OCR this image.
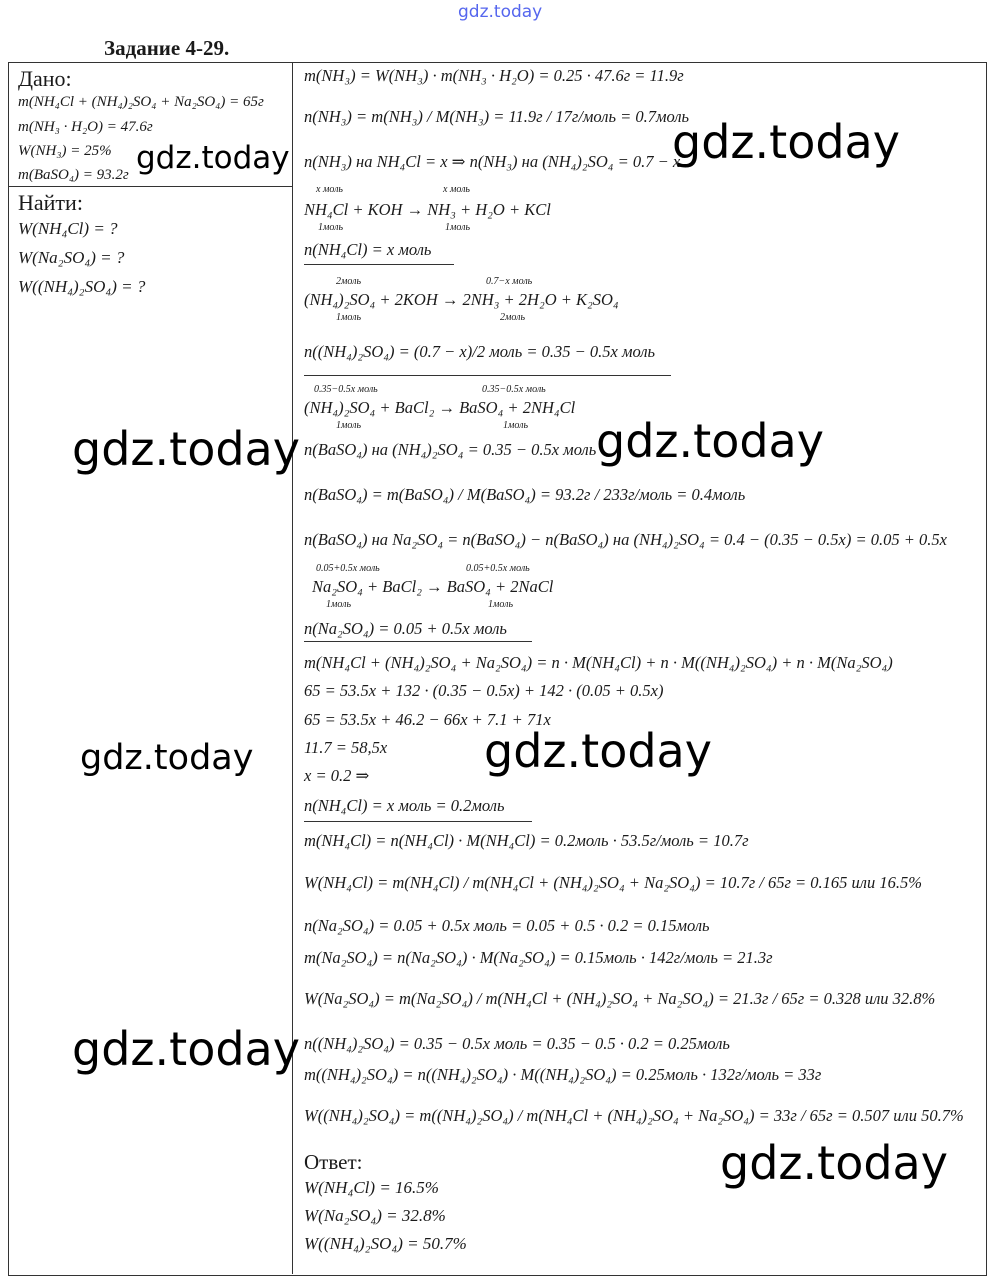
gdz.today
Задание 4-29.
Дано:
m(NH₄Cl + (NH₄)₂SO₄ + Na₂SO₄) = 65г
m(NH₃ · H₂O) = 47.6г
W(NH₃) = 25%
m(BaSO₄) = 93.2г
Найти:
W(NH₄Cl) = ?
W(Na₂SO₄) = ?
W((NH₄)₂SO₄) = ?
m(NH₃) = W(NH₃) · m(NH₃ · H₂O) = 0.25 · 47.6г = 11.9г
n(NH₃) = m(NH₃) / M(NH₃) = 11.9г / 17г/моль = 0.7моль
n(NH₃) на NH₄Cl = x ⇒ n(NH₃) на (NH₄)₂SO₄ = 0.7 − x
x моль	x моль
NH₄Cl + KOH → NH₃ + H₂O + KCl
1моль	1моль
n(NH₄Cl) = x моль
2моль	0.7−x моль
(NH₄)₂SO₄ + 2KOH → 2NH₃ + 2H₂O + K₂SO₄
1моль	2моль
n((NH₄)₂SO₄) = (0.7 − x)/2 моль = 0.35 − 0.5x моль
0.35−0.5x моль	0.35−0.5x моль
(NH₄)₂SO₄ + BaCl₂ → BaSO₄ + 2NH₄Cl
1моль	1моль
n(BaSO₄) на (NH₄)₂SO₄ = 0.35 − 0.5x моль
n(BaSO₄) = m(BaSO₄) / M(BaSO₄) = 93.2г / 233г/моль = 0.4моль
n(BaSO₄) на Na₂SO₄ = n(BaSO₄) − n(BaSO₄) на (NH₄)₂SO₄ = 0.4 − (0.35 − 0.5x) = 0.05 + 0.5x
0.05+0.5x моль	0.05+0.5x моль
Na₂SO₄ + BaCl₂ → BaSO₄ + 2NaCl
1моль	1моль
n(Na₂SO₄) = 0.05 + 0.5x моль
m(NH₄Cl + (NH₄)₂SO₄ + Na₂SO₄) = n · M(NH₄Cl) + n · M((NH₄)₂SO₄) + n · M(Na₂SO₄)
65 = 53.5x + 132 · (0.35 − 0.5x) + 142 · (0.05 + 0.5x)
65 = 53.5x + 46.2 − 66x + 7.1 + 71x
11.7 = 58,5x
x = 0.2 ⇒
n(NH₄Cl) = x моль = 0.2моль
m(NH₄Cl) = n(NH₄Cl) · M(NH₄Cl) = 0.2моль · 53.5г/моль = 10.7г
W(NH₄Cl) = m(NH₄Cl) / m(NH₄Cl + (NH₄)₂SO₄ + Na₂SO₄) = 10.7г / 65г = 0.165 или 16.5%
n(Na₂SO₄) = 0.05 + 0.5x моль = 0.05 + 0.5 · 0.2 = 0.15моль
m(Na₂SO₄) = n(Na₂SO₄) · M(Na₂SO₄) = 0.15моль · 142г/моль = 21.3г
W(Na₂SO₄) = m(Na₂SO₄) / m(NH₄Cl + (NH₄)₂SO₄ + Na₂SO₄) = 21.3г / 65г = 0.328 или 32.8%
n((NH₄)₂SO₄) = 0.35 − 0.5x моль = 0.35 − 0.5 · 0.2 = 0.25моль
m((NH₄)₂SO₄) = n((NH₄)₂SO₄) · M((NH₄)₂SO₄) = 0.25моль · 132г/моль = 33г
W((NH₄)₂SO₄) = m((NH₄)₂SO₄) / m(NH₄Cl + (NH₄)₂SO₄ + Na₂SO₄) = 33г / 65г = 0.507 или 50.7%
Ответ:
W(NH₄Cl) = 16.5%
W(Na₂SO₄) = 32.8%
W((NH₄)₂SO₄) = 50.7%
gdz.today	gdz.today
gdz.today	gdz.today
gdz.today	gdz.today
gdz.today
gdz.today
